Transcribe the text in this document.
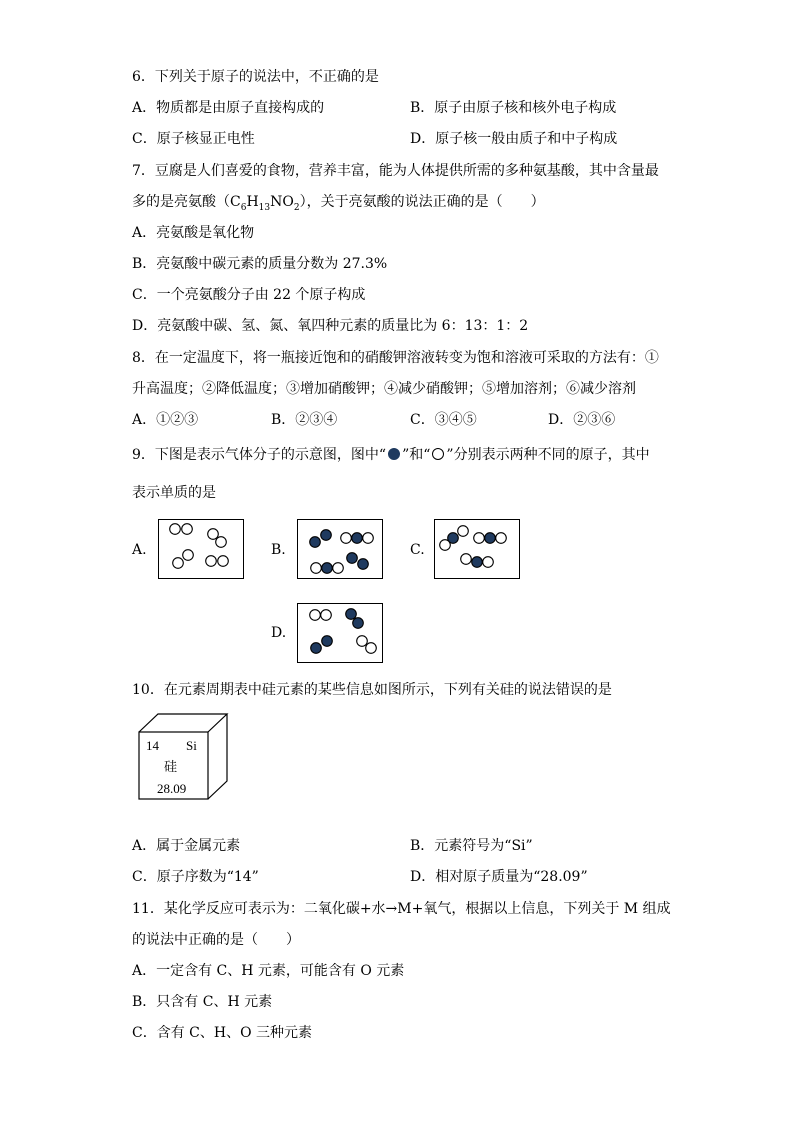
6．下列关于原子的说法中，不正确的是
A．物质都是由原子直接构成的	B．原子由原子核和核外电子构成
C．原子核显正电性	D．原子核一般由质子和中子构成
7．豆腐是人们喜爱的食物，营养丰富，能为人体提供所需的多种氨基酸，其中含量最
多的是亮氨酸$(C_6H_{13}NO_2)$，关于亮氨酸的说法正确的是（　　）
A．亮氨酸是氧化物
B．亮氨酸中碳元素的质量分数为 27.3%
C．一个亮氨酸分子由 22 个原子构成
D．亮氨酸中碳、氢、氮、氧四种元素的质量比为 6：13：1：2
8．在一定温度下，将一瓶接近饱和的硝酸钾溶液转变为饱和溶液可采取的方法有：①
升高温度；②降低温度；③增加硝酸钾；④减少硝酸钾；⑤增加溶剂；⑥减少溶剂
A．①②③	B．②③④	C．③④⑤	D．②③⑥
9．下图是表示气体分子的示意图，图中“ ”和“ ”分别表示两种不同的原子，其中
表示单质的是
A.	B.	C.
D.
10．在元素周期表中硅元素的某些信息如图所示，下列有关硅的说法错误的是
14 Si
硅
28.09
A．属于金属元素	B．元素符号为“Si”
C．原子序数为“14”	D．相对原子质量为“28.09”
11．某化学反应可表示为：二氧化碳+水→M+氧气，根据以上信息，下列关于 M 组成
的说法中正确的是（　　）
A．一定含有 C、H 元素，可能含有 O 元素
B．只含有 C、H 元素
C．含有 C、H、O 三种元素
